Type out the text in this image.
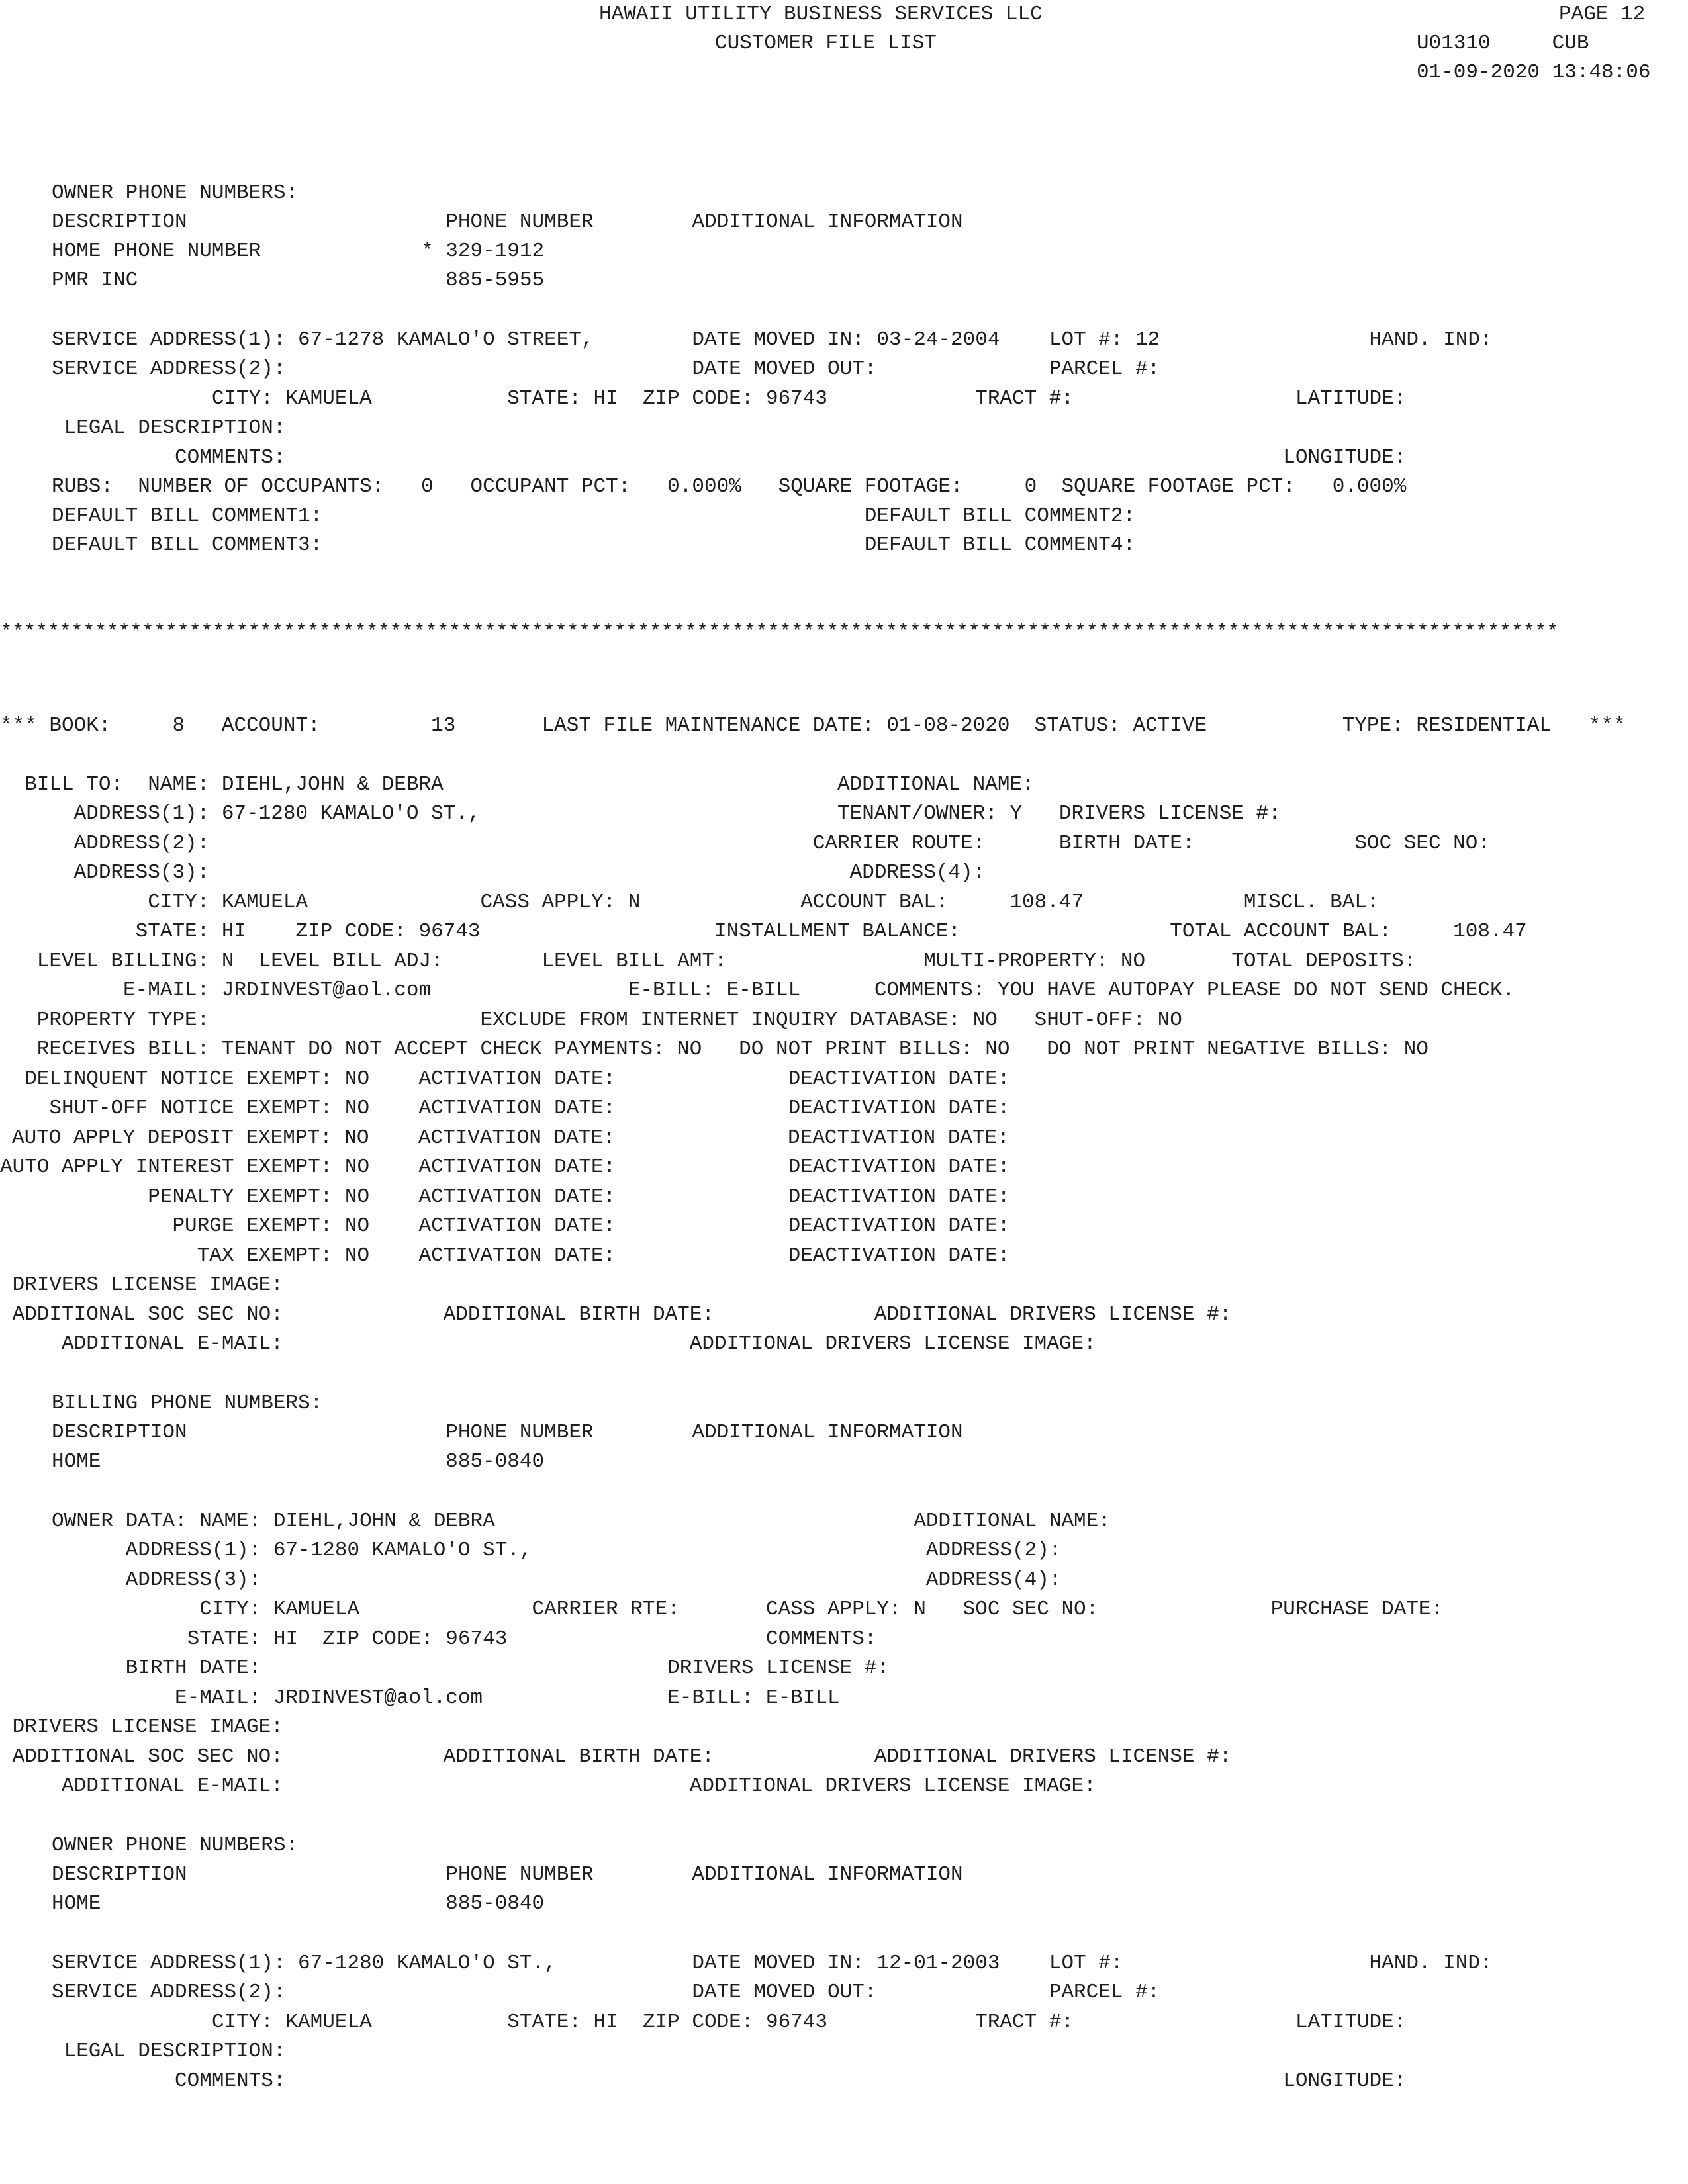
HAWAII UTILITY BUSINESS SERVICES LLC

CUSTOMER FILE LIST

PAGE 12

U01310     CUB

01-09-2020 13:48:06

OWNER PHONE NUMBERS:

DESCRIPTION                     PHONE NUMBER        ADDITIONAL INFORMATION

HOME PHONE NUMBER             * 329-1912

PMR INC                         885-5955

SERVICE ADDRESS(1): 67-1278 KAMALO'O STREET,        DATE MOVED IN: 03-24-2004    LOT #: 12                 HAND. IND:

SERVICE ADDRESS(2):                                 DATE MOVED OUT:              PARCEL #:

CITY: KAMUELA           STATE: HI  ZIP CODE: 96743            TRACT #:                  LATITUDE:

LEGAL DESCRIPTION:

COMMENTS:                                                                                 LONGITUDE:

RUBS:  NUMBER OF OCCUPANTS:   0   OCCUPANT PCT:   0.000%   SQUARE FOOTAGE:     0  SQUARE FOOTAGE PCT:   0.000%

DEFAULT BILL COMMENT1:                                            DEFAULT BILL COMMENT2:

DEFAULT BILL COMMENT3:                                            DEFAULT BILL COMMENT4:

************************************************************************************************************************************

*** BOOK:     8   ACCOUNT:         13       LAST FILE MAINTENANCE DATE: 01-08-2020  STATUS: ACTIVE           TYPE: RESIDENTIAL   ***

BILL TO:  NAME: DIEHL,JOHN & DEBRA                                ADDITIONAL NAME:

ADDRESS(1): 67-1280 KAMALO'O ST.,                             TENANT/OWNER: Y   DRIVERS LICENSE #:

ADDRESS(2):                                                 CARRIER ROUTE:      BIRTH DATE:             SOC SEC NO:

ADDRESS(3):                                                    ADDRESS(4):

CITY: KAMUELA              CASS APPLY: N             ACCOUNT BAL:     108.47             MISCL. BAL:

STATE: HI    ZIP CODE: 96743                   INSTALLMENT BALANCE:                 TOTAL ACCOUNT BAL:     108.47

LEVEL BILLING: N  LEVEL BILL ADJ:        LEVEL BILL AMT:                MULTI-PROPERTY: NO       TOTAL DEPOSITS:

E-MAIL: JRDINVEST@aol.com                E-BILL: E-BILL      COMMENTS: YOU HAVE AUTOPAY PLEASE DO NOT SEND CHECK.

PROPERTY TYPE:                      EXCLUDE FROM INTERNET INQUIRY DATABASE: NO   SHUT-OFF: NO

RECEIVES BILL: TENANT DO NOT ACCEPT CHECK PAYMENTS: NO   DO NOT PRINT BILLS: NO   DO NOT PRINT NEGATIVE BILLS: NO

DELINQUENT NOTICE EXEMPT: NO    ACTIVATION DATE:              DEACTIVATION DATE:

SHUT-OFF NOTICE EXEMPT: NO    ACTIVATION DATE:              DEACTIVATION DATE:

AUTO APPLY DEPOSIT EXEMPT: NO    ACTIVATION DATE:              DEACTIVATION DATE:

AUTO APPLY INTEREST EXEMPT: NO    ACTIVATION DATE:              DEACTIVATION DATE:

PENALTY EXEMPT: NO    ACTIVATION DATE:              DEACTIVATION DATE:

PURGE EXEMPT: NO    ACTIVATION DATE:              DEACTIVATION DATE:

TAX EXEMPT: NO    ACTIVATION DATE:              DEACTIVATION DATE:

DRIVERS LICENSE IMAGE:

ADDITIONAL SOC SEC NO:             ADDITIONAL BIRTH DATE:             ADDITIONAL DRIVERS LICENSE #:

ADDITIONAL E-MAIL:                                 ADDITIONAL DRIVERS LICENSE IMAGE:

BILLING PHONE NUMBERS:

DESCRIPTION                     PHONE NUMBER        ADDITIONAL INFORMATION

HOME                            885-0840

OWNER DATA: NAME: DIEHL,JOHN & DEBRA                                  ADDITIONAL NAME:

ADDRESS(1): 67-1280 KAMALO'O ST.,                                ADDRESS(2):

ADDRESS(3):                                                      ADDRESS(4):

CITY: KAMUELA              CARRIER RTE:       CASS APPLY: N   SOC SEC NO:              PURCHASE DATE:

STATE: HI  ZIP CODE: 96743                     COMMENTS:

BIRTH DATE:                                 DRIVERS LICENSE #:

E-MAIL: JRDINVEST@aol.com               E-BILL: E-BILL

DRIVERS LICENSE IMAGE:

ADDITIONAL SOC SEC NO:             ADDITIONAL BIRTH DATE:             ADDITIONAL DRIVERS LICENSE #:

ADDITIONAL E-MAIL:                                 ADDITIONAL DRIVERS LICENSE IMAGE:

OWNER PHONE NUMBERS:

DESCRIPTION                     PHONE NUMBER        ADDITIONAL INFORMATION

HOME                            885-0840

SERVICE ADDRESS(1): 67-1280 KAMALO'O ST.,           DATE MOVED IN: 12-01-2003    LOT #:                    HAND. IND:

SERVICE ADDRESS(2):                                 DATE MOVED OUT:              PARCEL #:

CITY: KAMUELA           STATE: HI  ZIP CODE: 96743            TRACT #:                  LATITUDE:

LEGAL DESCRIPTION:

COMMENTS:                                                                                 LONGITUDE:
